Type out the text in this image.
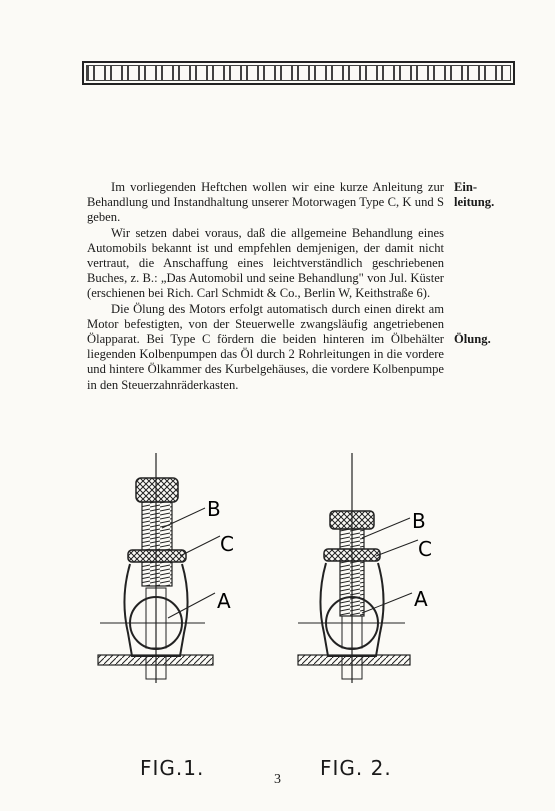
Im vorliegenden Heftchen wollen wir eine kurze Anleitung zur Behandlung und Instandhaltung unserer Motorwagen Type C, K und S geben.

Wir setzen dabei voraus, daß die allgemeine Behandlung eines Automobils bekannt ist und empfehlen demjenigen, der damit nicht vertraut, die Anschaffung eines leichtverständlich geschriebenen Buches, z. B.: „Das Automobil und seine Behandlung" von Jul. Küster (erschienen bei Rich. Carl Schmidt & Co., Berlin W, Keithstraße 6).

Die Ölung des Motors erfolgt automatisch durch einen direkt am Motor befestigten, von der Steuerwelle zwangsläufig angetriebenen Ölapparat. Bei Type C fördern die beiden hinteren im Ölbehälter liegenden Kolbenpumpen das Öl durch 2 Rohrleitungen in die vordere und hintere Ölkammer des Kurbelgehäuses, die vordere Kolbenpumpe in den Steuerzahnräderkasten.

Ein-
leitung.
Ölung.
B
C
A
B
C
A
FIG.1.	FIG. 2.
3
